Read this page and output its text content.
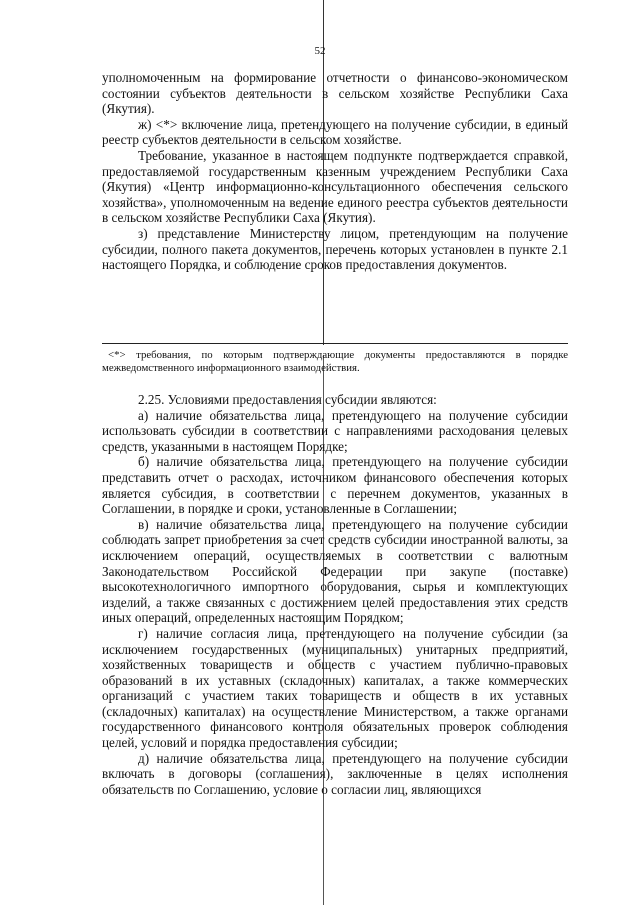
52

уполномоченным на формирование отчетности о финансово-экономическом состоянии субъектов деятельности в сельском хозяйстве Республики Саха (Якутия).

ж) <*> включение лица, претендующего на получение субсидии, в единый реестр субъектов деятельности в сельском хозяйстве.

Требование, указанное в настоящем подпункте подтверждается справкой, предоставляемой государственным казенным учреждением Республики Саха (Якутия) «Центр информационно-консультационного обеспечения сельского хозяйства», уполномоченным на ведение единого реестра субъектов деятельности в сельском хозяйстве Республики Саха (Якутия).

з) представление Министерству лицом, претендующим на получение субсидии, полного пакета документов, перечень которых установлен в пункте 2.1 настоящего Порядка, и соблюдение сроков предоставления документов.

<*> требования, по которым подтверждающие документы предоставляются в порядке межведомственного информационного взаимодействия.

2.25. Условиями предоставления субсидии являются:

а) наличие обязательства лица, претендующего на получение субсидии использовать субсидии в соответствии с направлениями расходования целевых средств, указанными в настоящем Порядке;

б) наличие обязательства лица, претендующего на получение субсидии представить отчет о расходах, источником финансового обеспечения которых является субсидия, в соответствии с перечнем документов, указанных в Соглашении, в порядке и сроки, установленные в Соглашении;

в) наличие обязательства лица, претендующего на получение субсидии соблюдать запрет приобретения за счет средств субсидии иностранной валюты, за исключением операций, осуществляемых в соответствии с валютным Законодательством Российской Федерации при закупе (поставке) высокотехнологичного импортного оборудования, сырья и комплектующих изделий, а также связанных с достижением целей предоставления этих средств иных операций, определенных настоящим Порядком;

г) наличие согласия лица, претендующего на получение субсидии (за исключением государственных (муниципальных) унитарных предприятий, хозяйственных товариществ и обществ с участием публично-правовых образований в их уставных (складочных) капиталах, а также коммерческих организаций с участием таких товариществ и обществ в их уставных (складочных) капиталах) на осуществление Министерством, а также органами государственного финансового контроля обязательных проверок соблюдения целей, условий и порядка предоставления субсидии;

д) наличие обязательства лица, претендующего на получение субсидии включать в договоры (соглашения), заключенные в целях исполнения обязательств по Соглашению, условие о согласии лиц, являющихся
